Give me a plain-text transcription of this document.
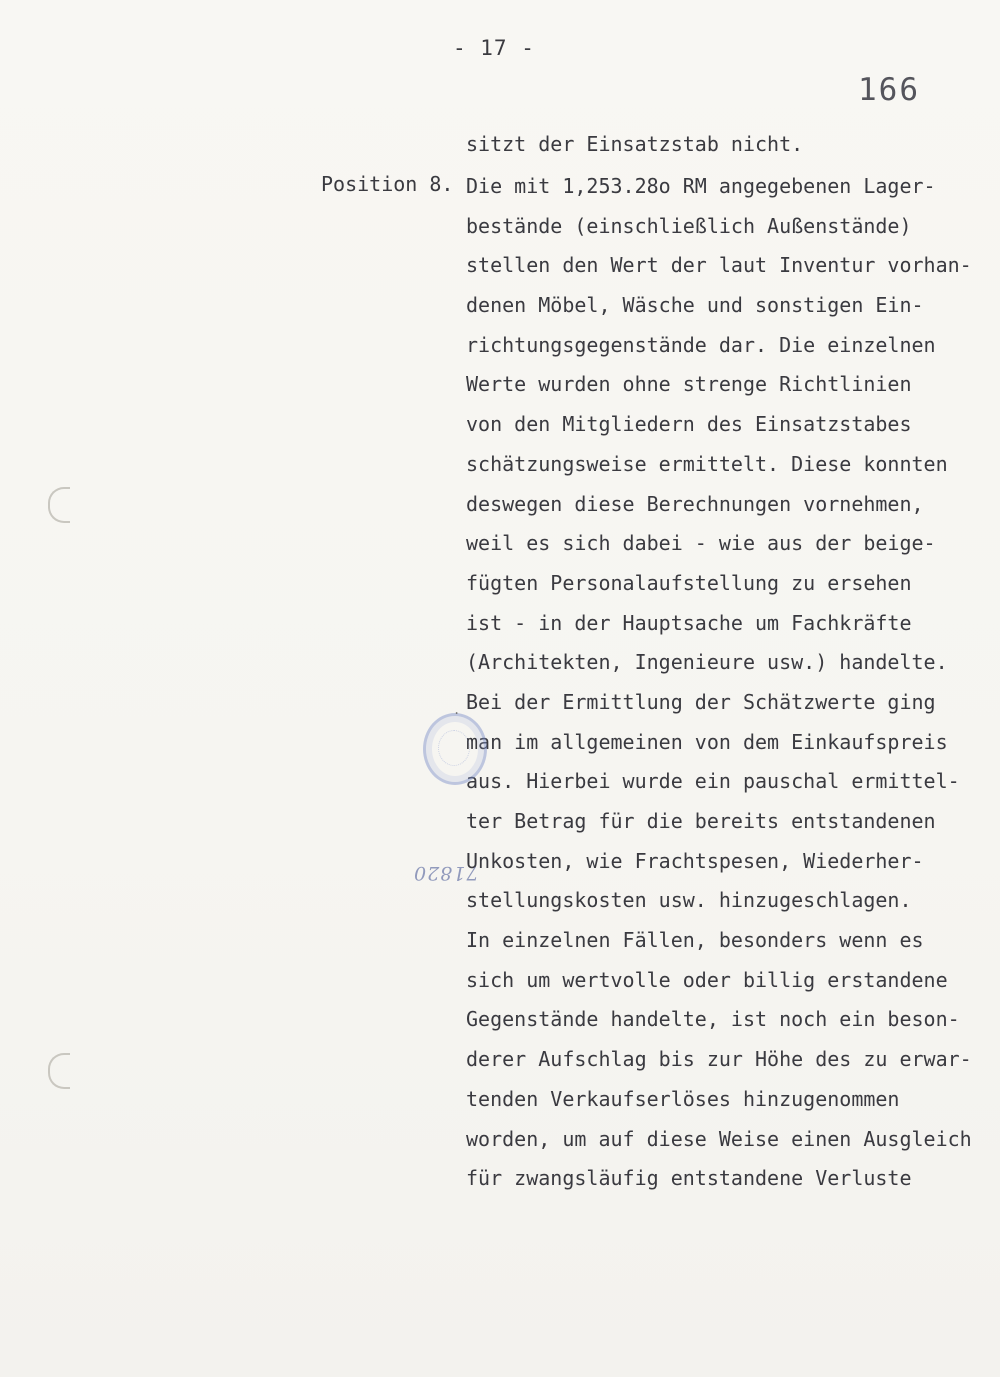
- 17 -
166
sitzt der Einsatzstab nicht.
Position 8. Die mit 1,253.28o RM angegebenen Lager-
bestände (einschließlich Außenstände)
stellen den Wert der laut Inventur vorhan-
denen Möbel, Wäsche und sonstigen Ein-
richtungsgegenstände dar. Die einzelnen
Werte wurden ohne strenge Richtlinien
von den Mitgliedern des Einsatzstabes
schätzungsweise ermittelt. Diese konnten
deswegen diese Berechnungen vornehmen,
weil es sich dabei - wie aus der beige-
fügten Personalaufstellung zu ersehen
ist - in der Hauptsache um Fachkräfte
(Architekten, Ingenieure usw.) handelte.
Bei der Ermittlung der Schätzwerte ging
man im allgemeinen von dem Einkaufspreis
aus. Hierbei wurde ein pauschal ermittel-
ter Betrag für die bereits entstandenen
Unkosten, wie Frachtspesen, Wiederher-
stellungskosten usw. hinzugeschlagen.
In einzelnen Fällen, besonders wenn es
sich um wertvolle oder billig erstandene
Gegenstände handelte, ist noch ein beson-
derer Aufschlag bis zur Höhe des zu erwar-
tenden Verkaufserlöses hinzugenommen
worden, um auf diese Weise einen Ausgleich
für zwangsläufig entstandene Verluste
71820
.
